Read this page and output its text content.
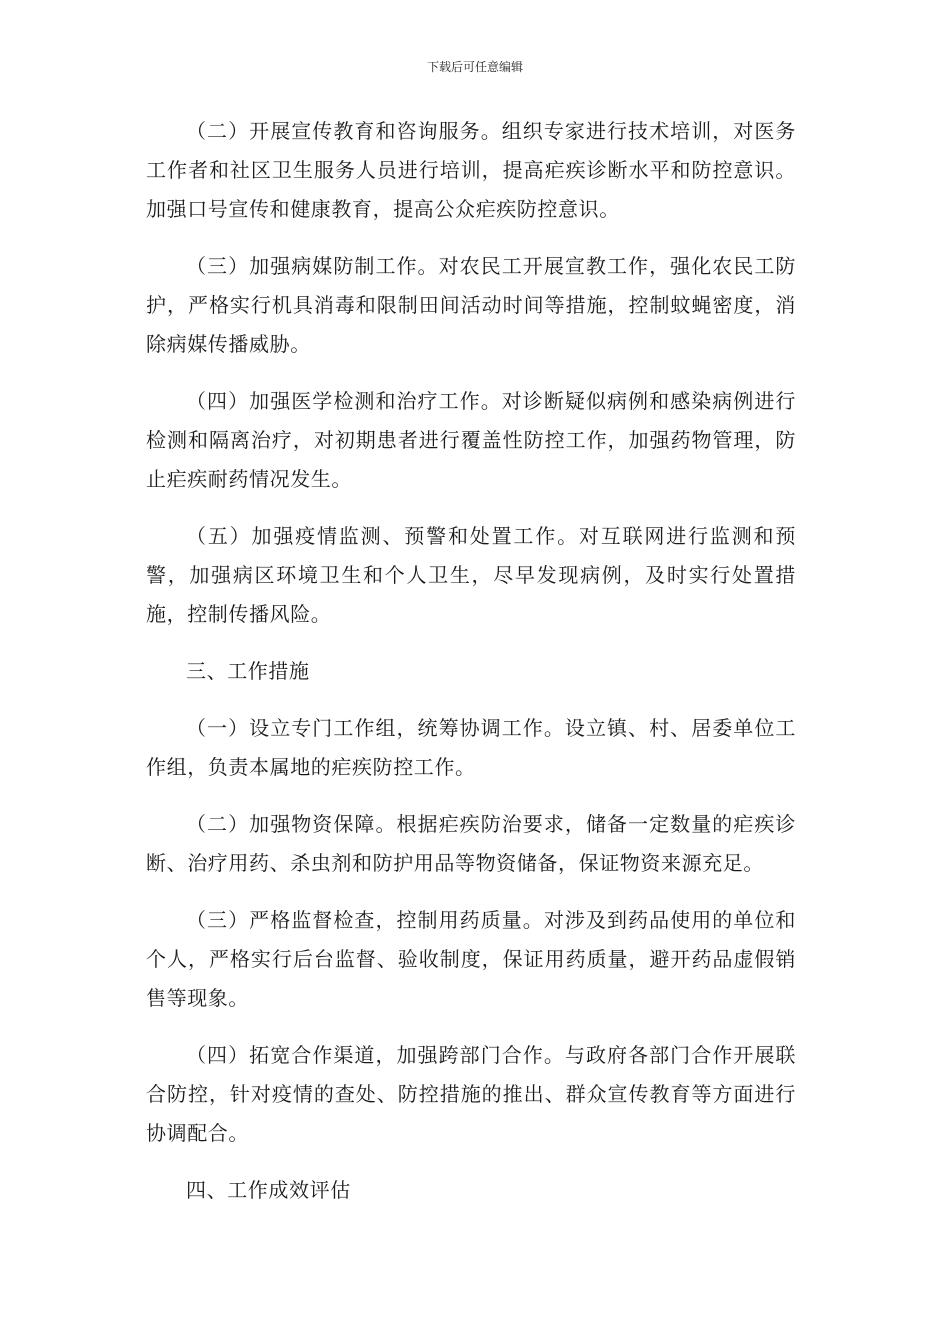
下载后可任意编辑

（二）开展宣传教育和咨询服务。组织专家进行技术培训，对医务工作者和社区卫生服务人员进行培训，提高疟疾诊断水平和防控意识。加强口号宣传和健康教育，提高公众疟疾防控意识。

（三）加强病媒防制工作。对农民工开展宣教工作，强化农民工防护，严格实行机具消毒和限制田间活动时间等措施，控制蚊蝇密度，消除病媒传播威胁。

（四）加强医学检测和治疗工作。对诊断疑似病例和感染病例进行检测和隔离治疗，对初期患者进行覆盖性防控工作，加强药物管理，防止疟疾耐药情况发生。

（五）加强疫情监测、预警和处置工作。对互联网进行监测和预警，加强病区环境卫生和个人卫生，尽早发现病例，及时实行处置措施，控制传播风险。

三、工作措施

（一）设立专门工作组，统筹协调工作。设立镇、村、居委单位工作组，负责本属地的疟疾防控工作。

（二）加强物资保障。根据疟疾防治要求，储备一定数量的疟疾诊断、治疗用药、杀虫剂和防护用品等物资储备，保证物资来源充足。

（三）严格监督检查，控制用药质量。对涉及到药品使用的单位和个人，严格实行后台监督、验收制度，保证用药质量，避开药品虚假销售等现象。

（四）拓宽合作渠道，加强跨部门合作。与政府各部门合作开展联合防控，针对疫情的查处、防控措施的推出、群众宣传教育等方面进行协调配合。

四、工作成效评估
